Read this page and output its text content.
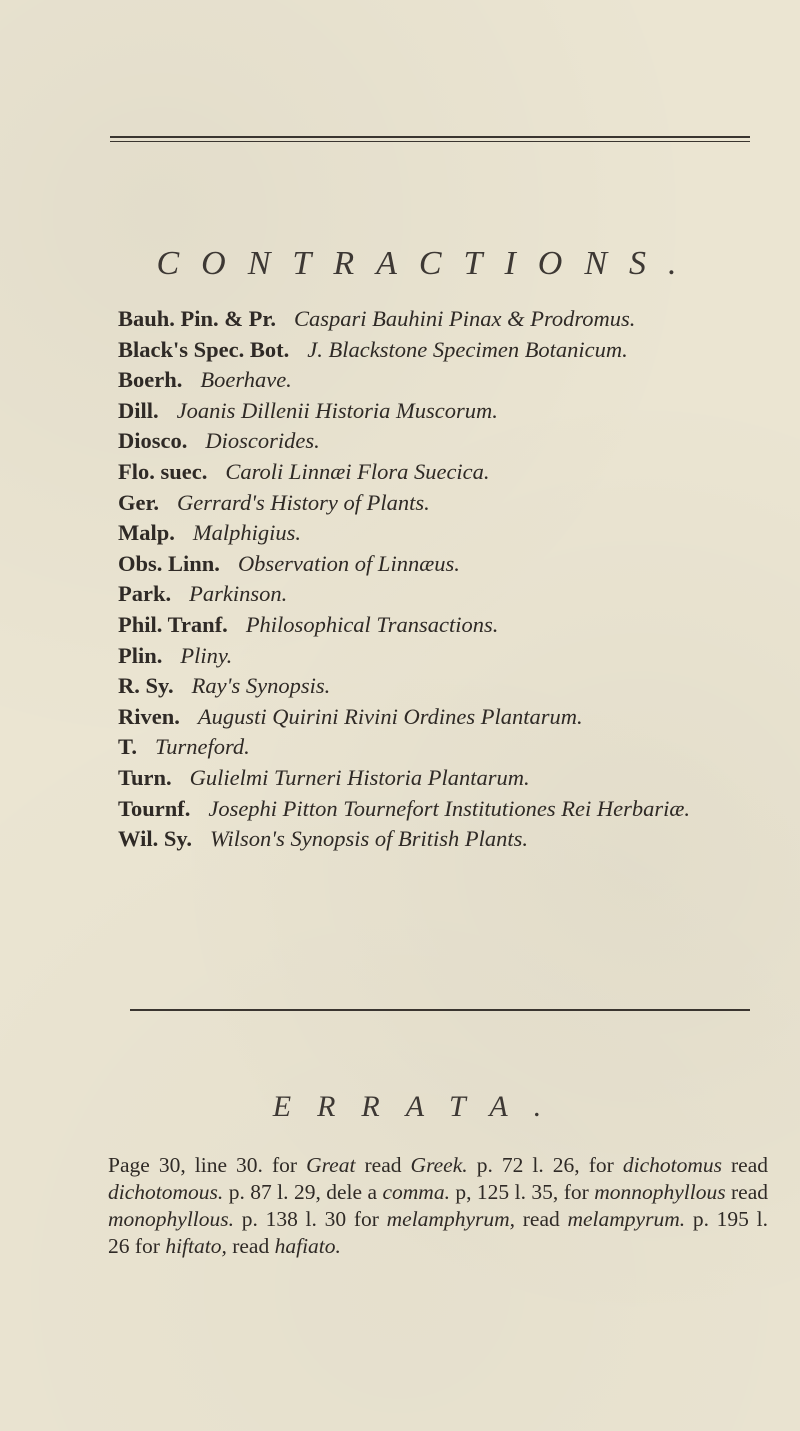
CONTRACTIONS.
Bauh. Pin. & Pr. Caspari Bauhini Pinax & Prodromus.
Black's Spec. Bot. J. Blackstone Specimen Botanicum.
Boerh. Boerhave.
Dill. Joanis Dillenii Historia Muscorum.
Diosco. Dioscorides.
Flo. suec. Caroli Linnæi Flora Suecica.
Ger. Gerrard's History of Plants.
Malp. Malphigius.
Obs. Linn. Observation of Linnæus.
Park. Parkinson.
Phil. Tranf. Philosophical Transactions.
Plin. Pliny.
R. Sy. Ray's Synopsis.
Riven. Augusti Quirini Rivini Ordines Plantarum.
T. Turneford.
Turn. Gulielmi Turneri Historia Plantarum.
Tournf. Josephi Pitton Tournefort Institutiones Rei Herbariæ.
Wil. Sy. Wilson's Synopsis of British Plants.
ERRATA.

Page 30, line 30. for Great read Greek. p. 72 l. 26, for dichotomus read dichotomous. p. 87 l. 29, dele a comma. p, 125 l. 35, for monnophyllous read monophyllous. p. 138 l. 30 for melamphyrum, read melampyrum. p. 195 l. 26 for hiftato, read hafiato.
